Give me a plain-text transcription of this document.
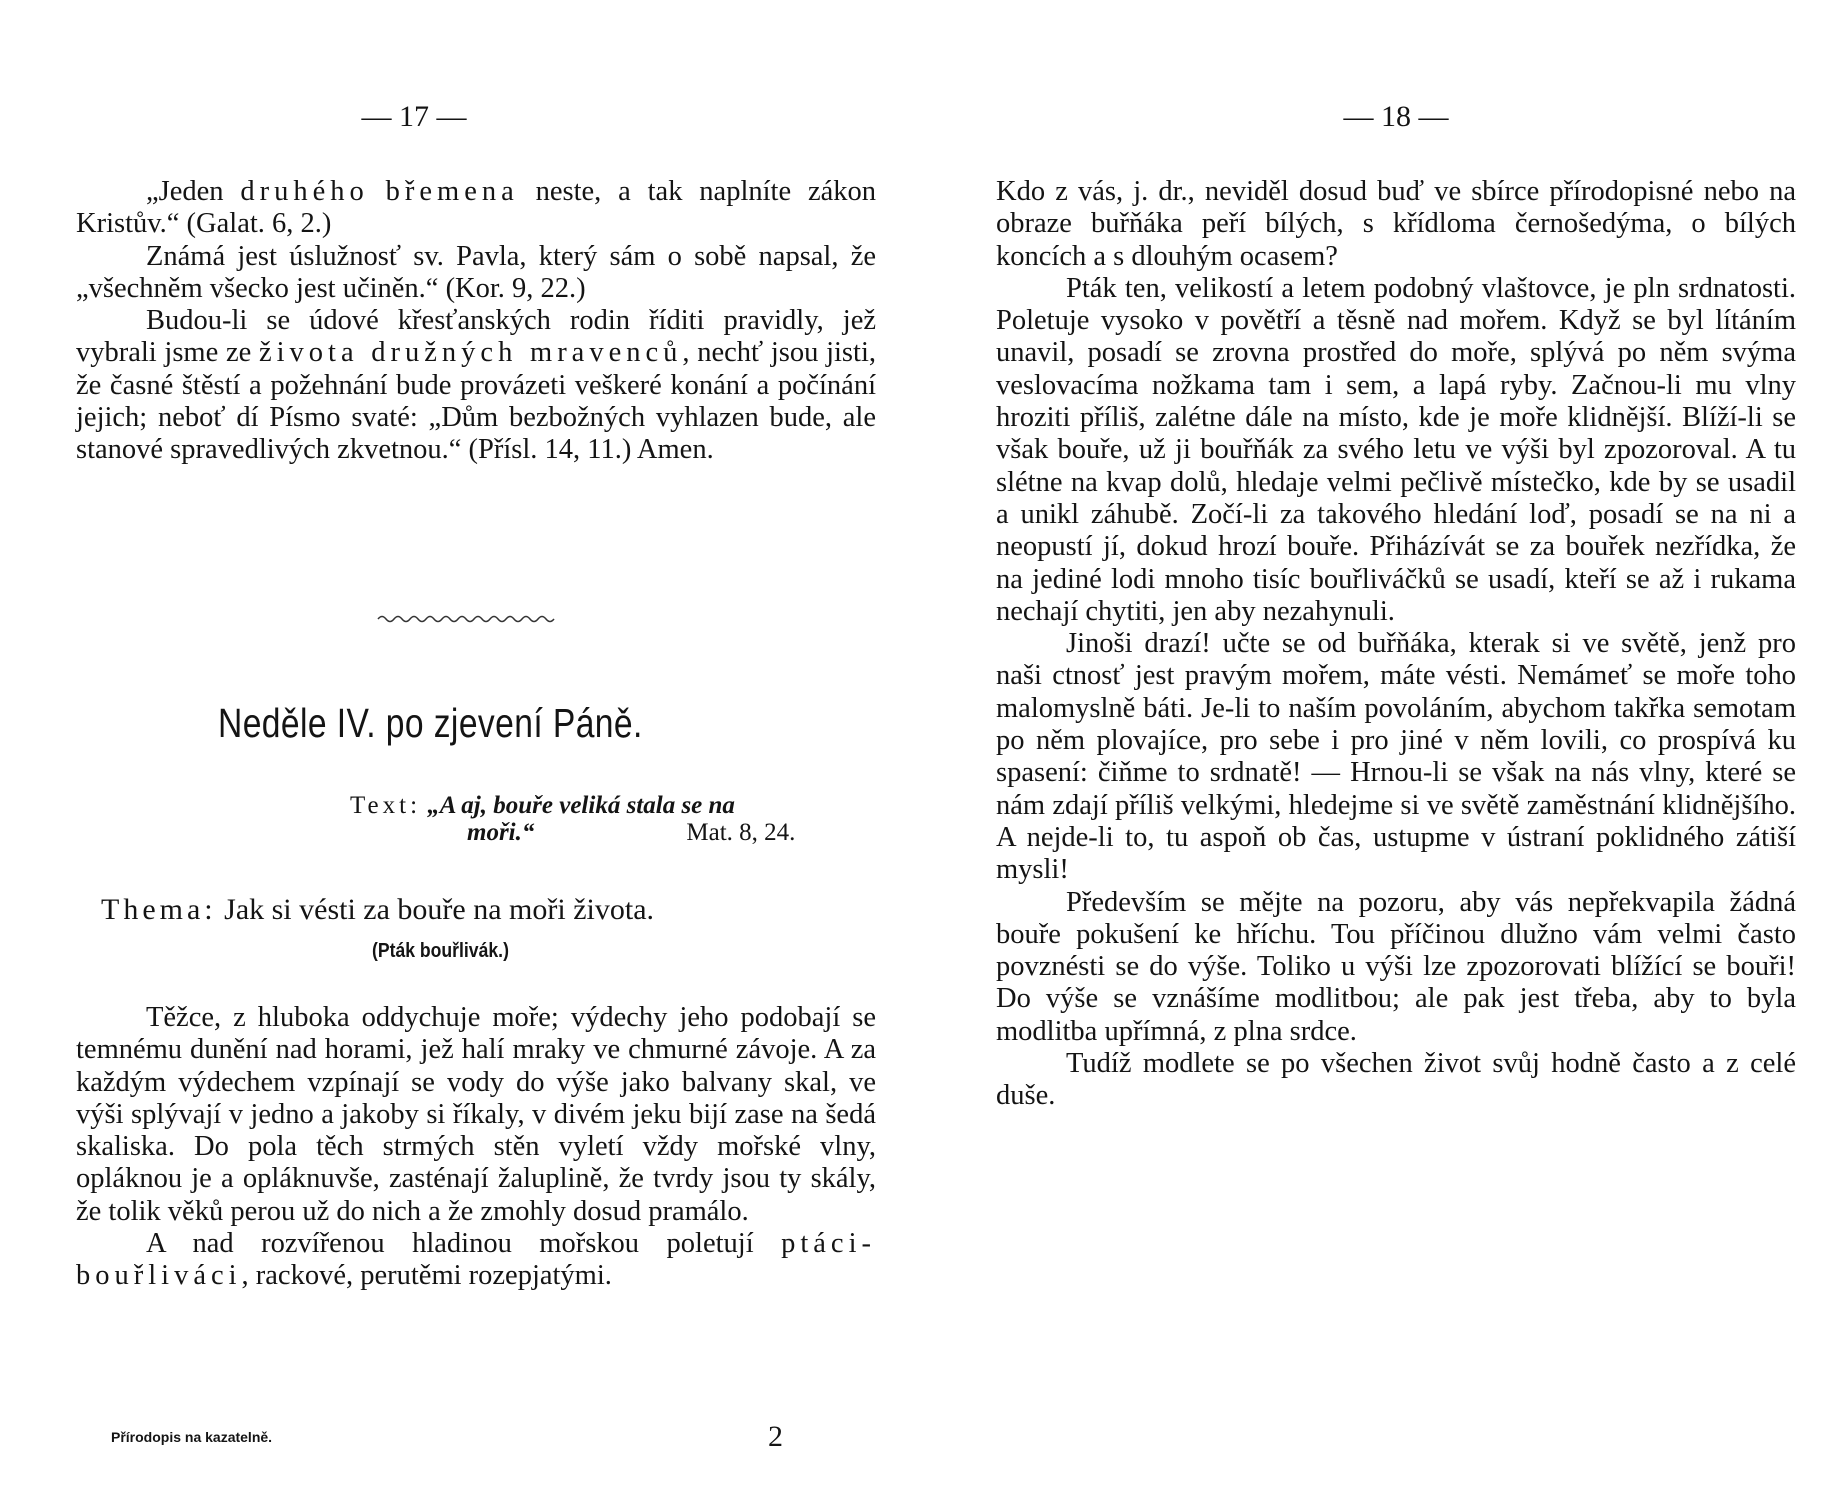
— 17 —

„Jeden druhého břemena neste, a tak naplníte zákon Kristův.“ (Galat. 6, 2.)

Známá jest úslužnosť sv. Pavla, který sám o sobě napsal, že „všechněm všecko jest učiněn.“ (Kor. 9, 22.)

Budou-li se údové křesťanských rodin říditi pravidly, jež vybrali jsme ze života družných mravenců, nechť jsou jisti, že časné štěstí a požehnání bude provázeti veškeré konání a počínání jejich; neboť dí Písmo svaté: „Dům bezbožných vyhlazen bude, ale stanové spravedlivých zkvetnou.“ (Přísl. 14, 11.) Amen.

Neděle IV. po zjevení Páně.
Text: „A aj, bouře veliká stala se na
moři.“	Mat. 8, 24.
Thema: Jak si vésti za bouře na moři života.
(Pták bouřlivák.)

Těžce, z hluboka oddychuje moře; výdechy jeho podobají se temnému dunění nad horami, jež halí mraky ve chmurné závoje. A za každým výdechem vzpínají se vody do výše jako balvany skal, ve výši splývají v jedno a jakoby si říkaly, v divém jeku bijí zase na šedá skaliska. Do pola těch strmých stěn vyletí vždy mořské vlny, opláknou je a opláknuvše, zasténají žaluplině, že tvrdy jsou ty skály, že tolik věků perou už do nich a že zmohly dosud pramálo.

A nad rozvířenou hladinou mořskou poletují ptáci-bouřliváci, rackové, perutěmi rozepjatými.

Přírodopis na kazatelně.	2
— 18 —

Kdo z vás, j. dr., neviděl dosud buď ve sbírce přírodopisné nebo na obraze buřňáka peří bílých, s křídloma černošedýma, o bílých koncích a s dlouhým ocasem?

Pták ten, velikostí a letem podobný vlaštovce, je pln srdnatosti. Poletuje vysoko v povětří a těsně nad mořem. Když se byl lítáním unavil, posadí se zrovna prostřed do moře, splývá po něm svýma veslovacíma nožkama tam i sem, a lapá ryby. Začnou-li mu vlny hroziti příliš, zalétne dále na místo, kde je moře klidnější. Blíží-li se však bouře, už ji bouřňák za svého letu ve výši byl zpozoroval. A tu slétne na kvap dolů, hledaje velmi pečlivě místečko, kde by se usadil a unikl záhubě. Zočí-li za takového hledání loď, posadí se na ni a neopustí jí, dokud hrozí bouře. Přiházívát se za bouřek nezřídka, že na jediné lodi mnoho tisíc bouřliváčků se usadí, kteří se až i rukama nechají chytiti, jen aby nezahynuli.

Jinoši drazí! učte se od buřňáka, kterak si ve světě, jenž pro naši ctnosť jest pravým mořem, máte vésti. Nemámeť se moře toho malomyslně báti. Je-li to naším povoláním, abychom takřka semotam po něm plovajíce, pro sebe i pro jiné v něm lovili, co prospívá ku spasení: čiňme to srdnatě! — Hrnou-li se však na nás vlny, které se nám zdají příliš velkými, hledejme si ve světě zaměstnání klidnějšího. A nejde-li to, tu aspoň ob čas, ustupme v ústraní poklidného zátiší mysli!

Především se mějte na pozoru, aby vás nepřekvapila žádná bouře pokušení ke hříchu. Tou příčinou dlužno vám velmi často povznésti se do výše. Toliko u výši lze zpozorovati blížící se bouři! Do výše se vznášíme modlitbou; ale pak jest třeba, aby to byla modlitba upřímná, z plna srdce.

Tudíž modlete se po všechen život svůj hodně často a z celé duše.
